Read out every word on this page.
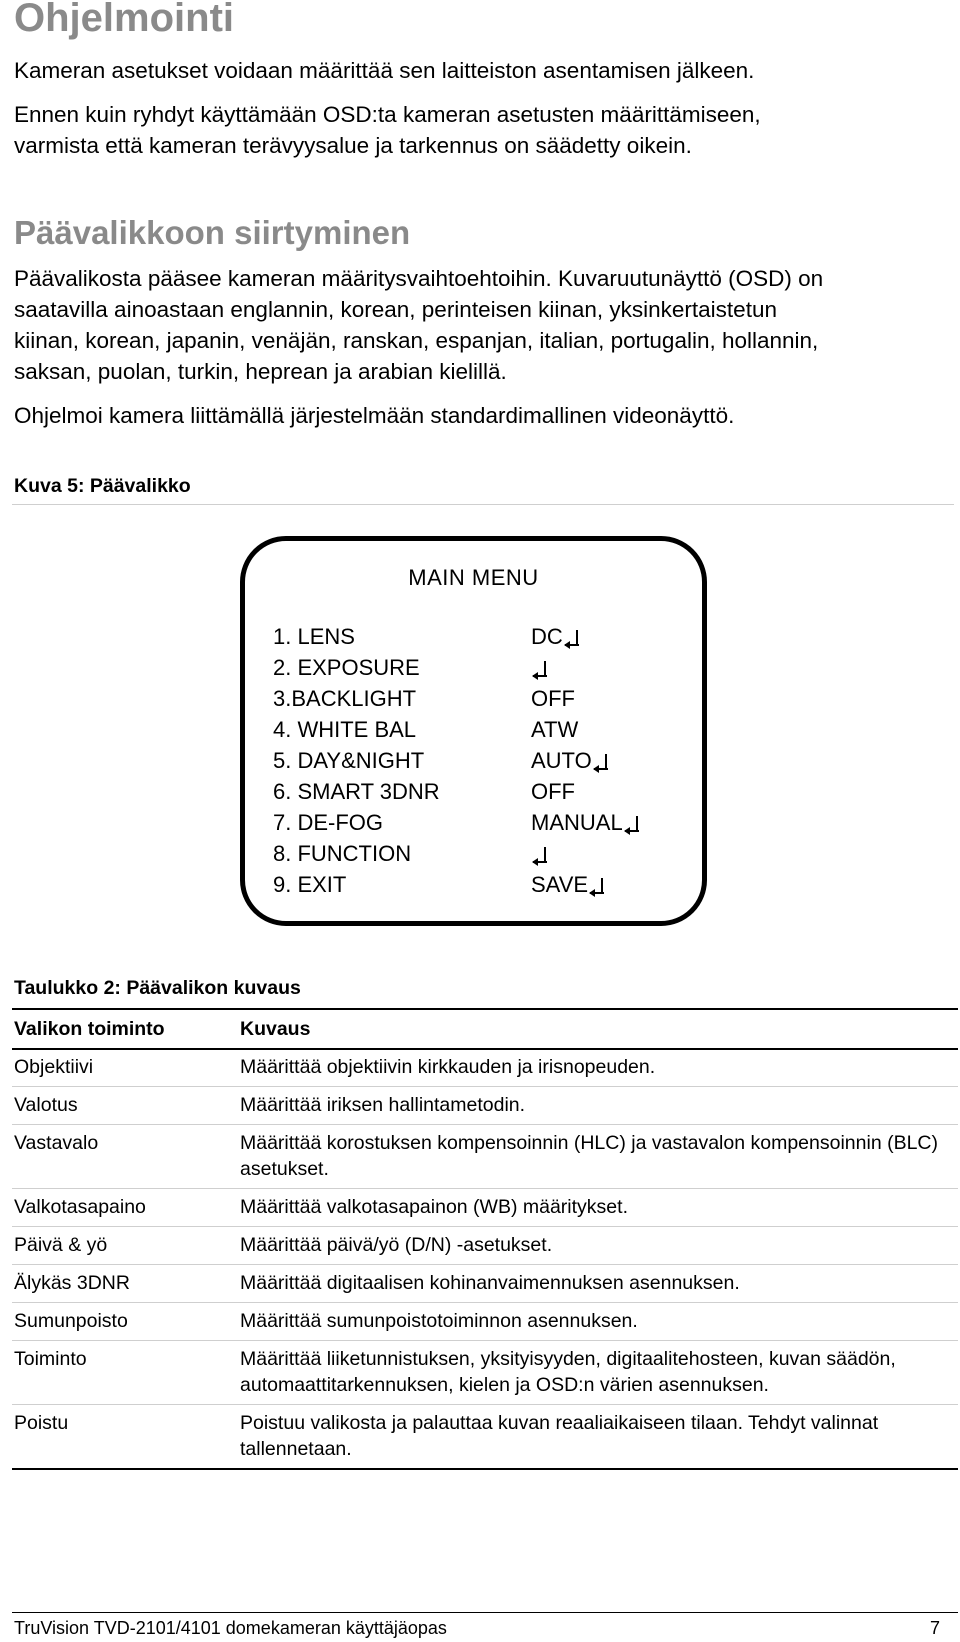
Ohjelmointi

Kameran asetukset voidaan määrittää sen laitteiston asentamisen jälkeen.

Ennen kuin ryhdyt käyttämään OSD:ta kameran asetusten määrittämiseen,

varmista että kameran terävyysalue ja tarkennus on säädetty oikein.

Päävalikkoon siirtyminen

Päävalikosta pääsee kameran määritysvaihtoehtoihin. Kuvaruutunäyttö (OSD) on

saatavilla ainoastaan englannin, korean, perinteisen kiinan, yksinkertaistetun

kiinan, korean, japanin, venäjän, ranskan, espanjan, italian, portugalin, hollannin,

saksan, puolan, turkin, heprean ja arabian kielillä.

Ohjelmoi kamera liittämällä järjestelmään standardimallinen videonäyttö.

Kuva 5: Päävalikko
MAIN MENU
1. LENS	DC
2. EXPOSURE
3.BACKLIGHT	OFF
4. WHITE BAL	ATW
5. DAY&NIGHT	AUTO
6. SMART 3DNR	OFF
7. DE-FOG	MANUAL
8. FUNCTION
9. EXIT	SAVE
Taulukko 2: Päävalikon kuvaus
Valikon toiminto	Kuvaus
Objektiivi	Määrittää objektiivin kirkkauden ja irisnopeuden.
Valotus	Määrittää iriksen hallintametodin.
Vastavalo	Määrittää korostuksen kompensoinnin (HLC) ja vastavalon kompensoinnin (BLC) asetukset.
Valkotasapaino	Määrittää valkotasapainon (WB) määritykset.
Päivä & yö	Määrittää päivä/yö (D/N) -asetukset.
Älykäs 3DNR	Määrittää digitaalisen kohinanvaimennuksen asennuksen.
Sumunpoisto	Määrittää sumunpoistotoiminnon asennuksen.
Toiminto	Määrittää liiketunnistuksen, yksityisyyden, digitaalitehosteen, kuvan säädön, automaattitarkennuksen, kielen ja OSD:n värien asennuksen.
Poistu	Poistuu valikosta ja palauttaa kuvan reaaliaikaiseen tilaan. Tehdyt valinnat tallennetaan.
TruVision TVD-2101/4101 domekameran käyttäjäopas	7
